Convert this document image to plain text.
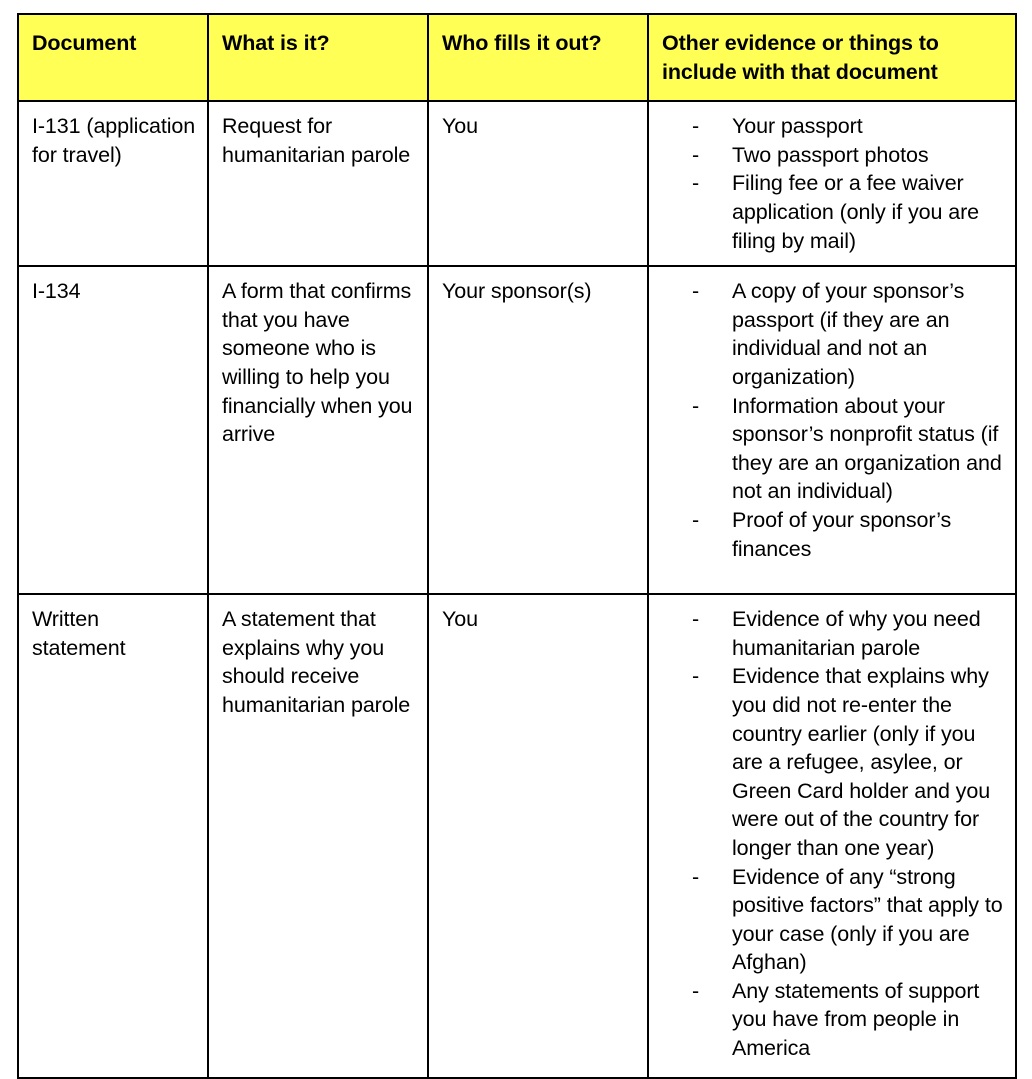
Document	What is it?	Who fills it out?	Other evidence or things to include with that document
I-131 (application for travel)	Request for humanitarian parole	You	- Your passport
- Two passport photos
- Filing fee or a fee waiver application (only if you are filing by mail)

I-134	A form that confirms that you have someone who is willing to help you financially when you arrive	Your sponsor(s)	- A copy of your sponsor’s passport (if they are an individual and not an organization)
- Information about your sponsor’s nonprofit status (if they are an organization and not an individual)
- Proof of your sponsor’s finances

Written statement	A statement that explains why you should receive humanitarian parole	You	- Evidence of why you need humanitarian parole
- Evidence that explains why you did not re-enter the country earlier (only if you are a refugee, asylee, or Green Card holder and you were out of the country for longer than one year)
- Evidence of any “strong positive factors” that apply to your case (only if you are Afghan)
- Any statements of support you have from people in America
